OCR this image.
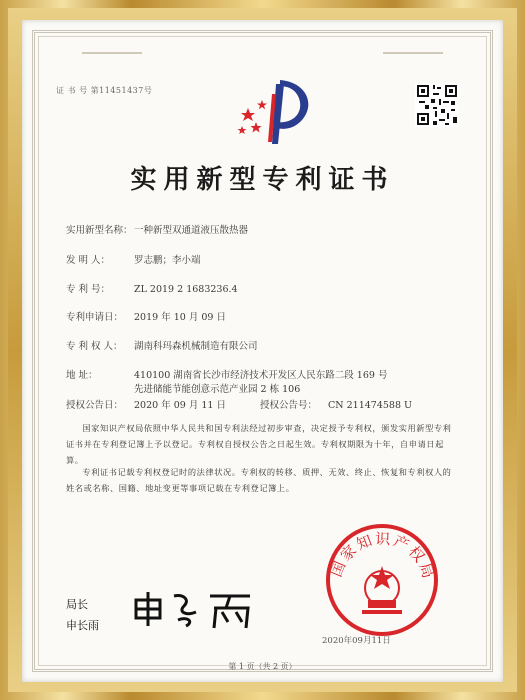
证 书 号 第11451437号
实用新型专利证书
实用新型名称：一种新型双通道液压散热器
发 明 人：	罗志鹏；李小端
专 利 号：	ZL 2019 2 1683236.4
专利申请日： 2019 年 10 月 09 日
专 利 权 人： 湖南科玛森机械制造有限公司
地 址：	410100 湖南省长沙市经济技术开发区人民东路二段 169 号
先进储能节能创意示范产业园 2 栋 106
授权公告日： 2020 年 09 月 11 日	授权公告号： CN 211474588 U
国家知识产权局依照中华人民共和国专利法经过初步审查，决定授予专利权，颁发实用新型专利证书并在专利登记簿上予以登记。专利权自授权公告之日起生效。专利权期限为十年，自申请日起算。
专利证书记载专利权登记时的法律状况。专利权的转移、质押、无效、终止、恢复和专利权人的姓名或名称、国籍、地址变更等事项记载在专利登记簿上。
局长
申长雨
国家知识产权局
2020年09月11日
第 1 页（共 2 页）
